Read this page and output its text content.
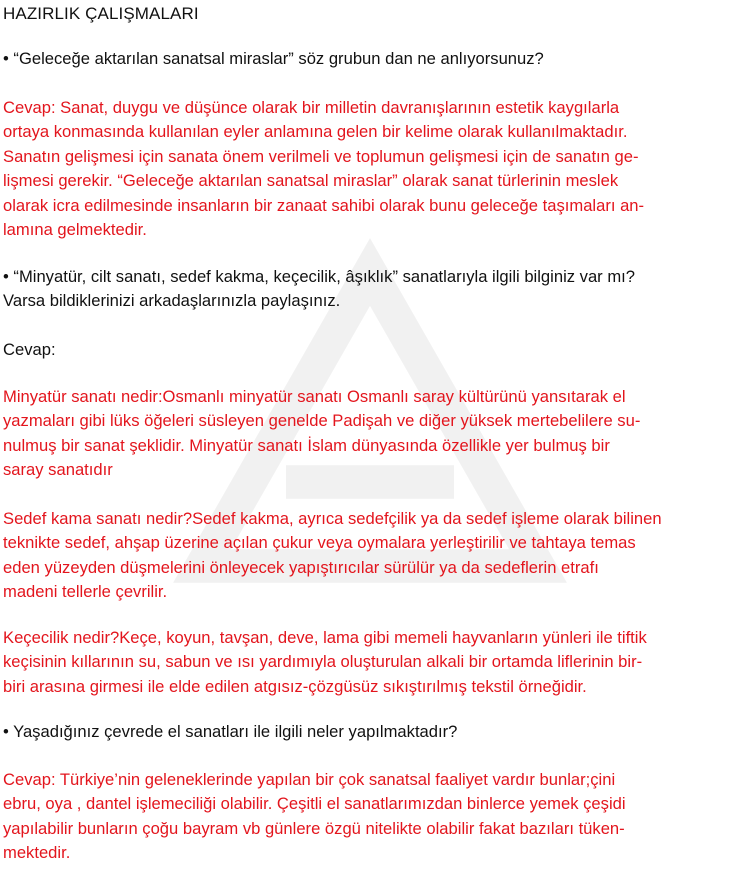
HAZIRLIK ÇALIŞMALARI
• “Geleceğe aktarılan sanatsal miraslar” söz grubun dan ne anlıyorsunuz?
Cevap: Sanat, duygu ve düşünce olarak bir milletin davranışlarının estetik kaygılarla
ortaya konmasında kullanılan eyler anlamına gelen bir kelime olarak kullanılmaktadır.
Sanatın gelişmesi için sanata önem verilmeli ve toplumun gelişmesi için de sanatın ge-
lişmesi gerekir. “Geleceğe aktarılan sanatsal miraslar” olarak sanat türlerinin meslek
olarak icra edilmesinde insanların bir zanaat sahibi olarak bunu geleceğe taşımaları an-
lamına gelmektedir.
• “Minyatür, cilt sanatı, sedef kakma, keçecilik, âşıklık” sanatlarıyla ilgili bilginiz var mı?
Varsa bildiklerinizi arkadaşlarınızla paylaşınız.
Cevap:
Minyatür sanatı nedir:Osmanlı minyatür sanatı Osmanlı saray kültürünü yansıtarak el
yazmaları gibi lüks öğeleri süsleyen genelde Padişah ve diğer yüksek mertebelilere su-
nulmuş bir sanat şeklidir. Minyatür sanatı İslam dünyasında özellikle yer bulmuş bir
saray sanatıdır
Sedef kama sanatı nedir?Sedef kakma, ayrıca sedefçilik ya da sedef işleme olarak bilinen
teknikte sedef, ahşap üzerine açılan çukur veya oymalara yerleştirilir ve tahtaya temas
eden yüzeyden düşmelerini önleyecek yapıştırıcılar sürülür ya da sedeflerin etrafı
madeni tellerle çevrilir.
Keçecilik nedir?Keçe, koyun, tavşan, deve, lama gibi memeli hayvanların yünleri ile tiftik
keçisinin kıllarının su, sabun ve ısı yardımıyla oluşturulan alkali bir ortamda liflerinin bir-
biri arasına girmesi ile elde edilen atgısız-çözgüsüz sıkıştırılmış tekstil örneğidir.
• Yaşadığınız çevrede el sanatları ile ilgili neler yapılmaktadır?
Cevap: Türkiye’nin geleneklerinde yapılan bir çok sanatsal faaliyet vardır bunlar;çini
ebru, oya , dantel işlemeciliği olabilir. Çeşitli el sanatlarımızdan binlerce yemek çeşidi
yapılabilir bunların çoğu bayram vb günlere özgü nitelikte olabilir fakat bazıları tüken-
mektedir.
